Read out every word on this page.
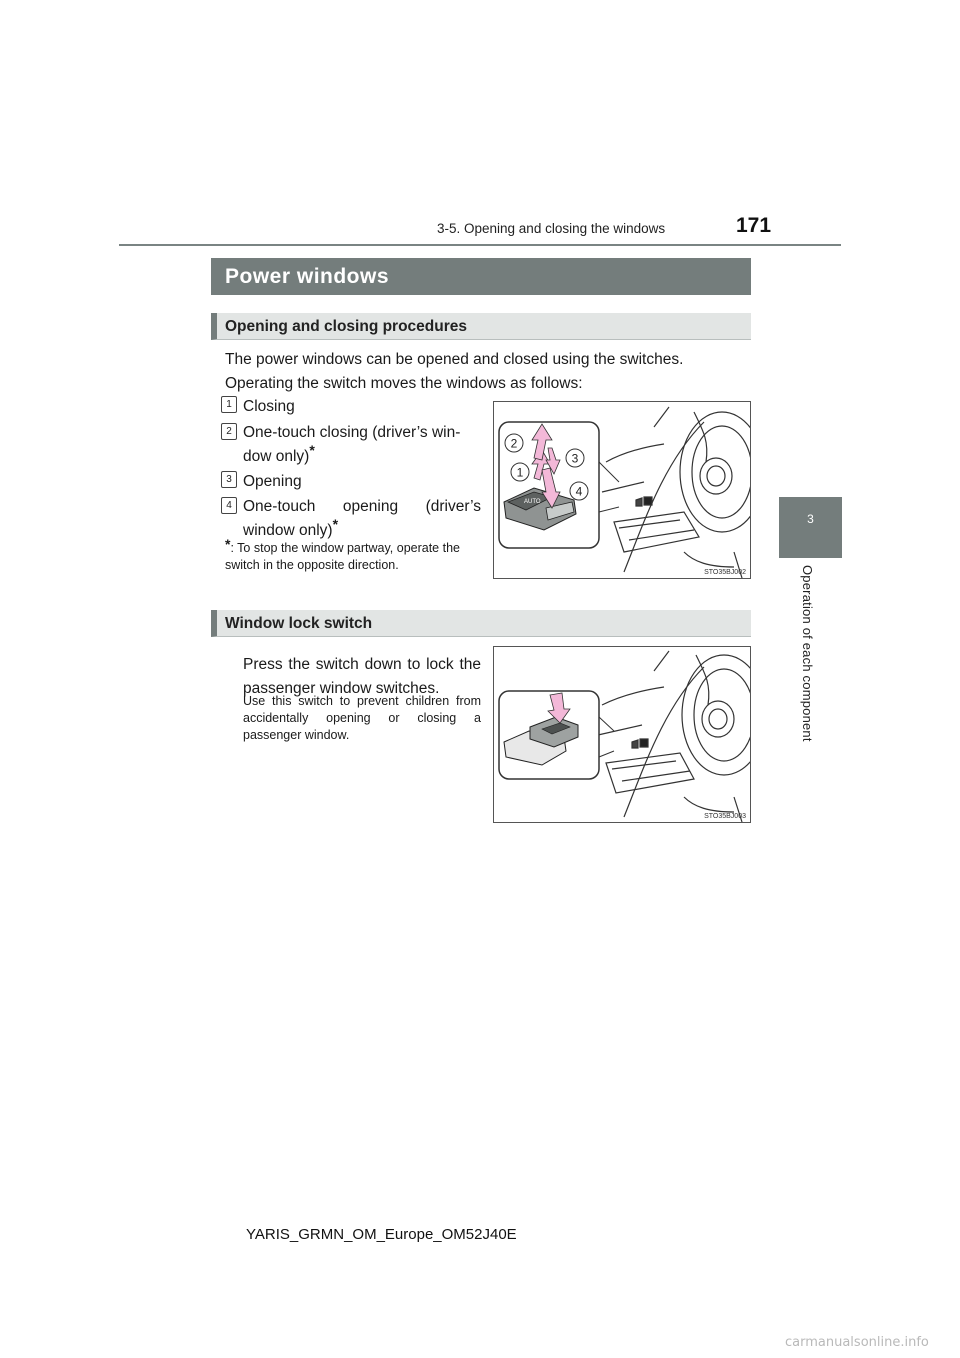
3-5. Opening and closing the windows	171
3
Operation of each component
Power windows
Opening and closing procedures
The power windows can be opened and closed using the switches.
Operating the switch moves the windows as follows:
1 Closing
2 One-touch closing (driver’s win-
dow only)*
3 Opening
4 One-touch opening (driver’s
window only)*
*: To stop the window partway, operate the switch in the opposite direction.
AUTO
2
1
3
4
STO35BJ002
Window lock switch
Press the switch down to lock the passenger window switches.
Use this switch to prevent children from accidentally opening or closing a passenger window.
STO35BJ003
YARIS_GRMN_OM_Europe_OM52J40E
carmanualsonline.info
